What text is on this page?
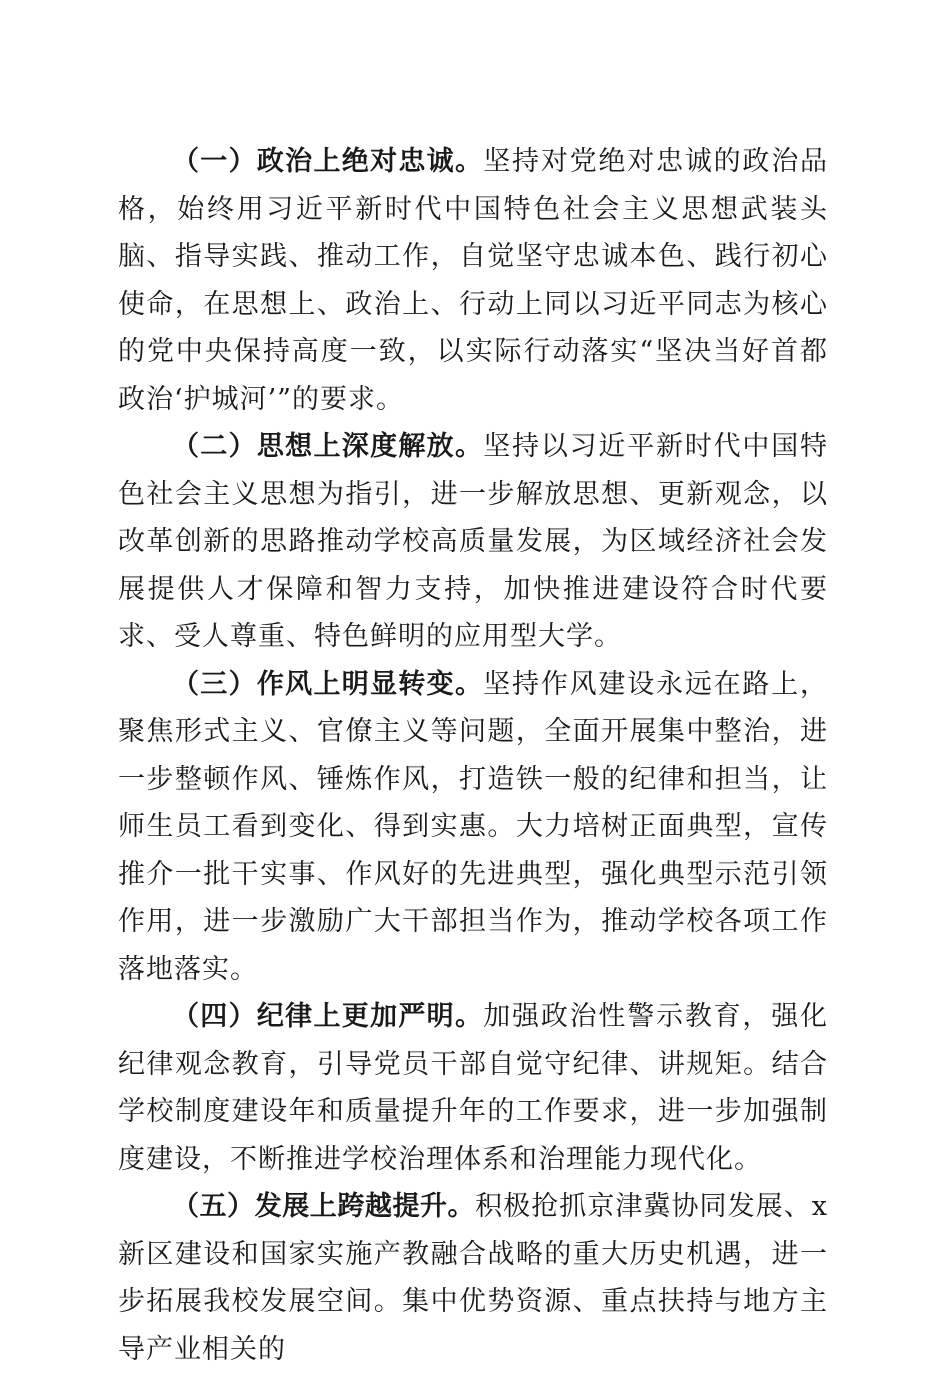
（一）政治上绝对忠诚。坚持对党绝对忠诚的政治品格，始终用习近平新时代中国特色社会主义思想武装头脑、指导实践、推动工作，自觉坚守忠诚本色、践行初心使命，在思想上、政治上、行动上同以习近平同志为核心的党中央保持高度一致，以实际行动落实“坚决当好首都政治‘护城河’”的要求。

（二）思想上深度解放。坚持以习近平新时代中国特色社会主义思想为指引，进一步解放思想、更新观念，以改革创新的思路推动学校高质量发展，为区域经济社会发展提供人才保障和智力支持，加快推进建设符合时代要求、受人尊重、特色鲜明的应用型大学。

（三）作风上明显转变。坚持作风建设永远在路上，聚焦形式主义、官僚主义等问题，全面开展集中整治，进一步整顿作风、锤炼作风，打造铁一般的纪律和担当，让师生员工看到变化、得到实惠。大力培树正面典型，宣传推介一批干实事、作风好的先进典型，强化典型示范引领作用，进一步激励广大干部担当作为，推动学校各项工作落地落实。

（四）纪律上更加严明。加强政治性警示教育，强化纪律观念教育，引导党员干部自觉守纪律、讲规矩。结合学校制度建设年和质量提升年的工作要求，进一步加强制度建设，不断推进学校治理体系和治理能力现代化。

（五）发展上跨越提升。积极抢抓京津冀协同发展、x新区建设和国家实施产教融合战略的重大历史机遇，进一步拓展我校发展空间。集中优势资源、重点扶持与地方主导产业相关的
